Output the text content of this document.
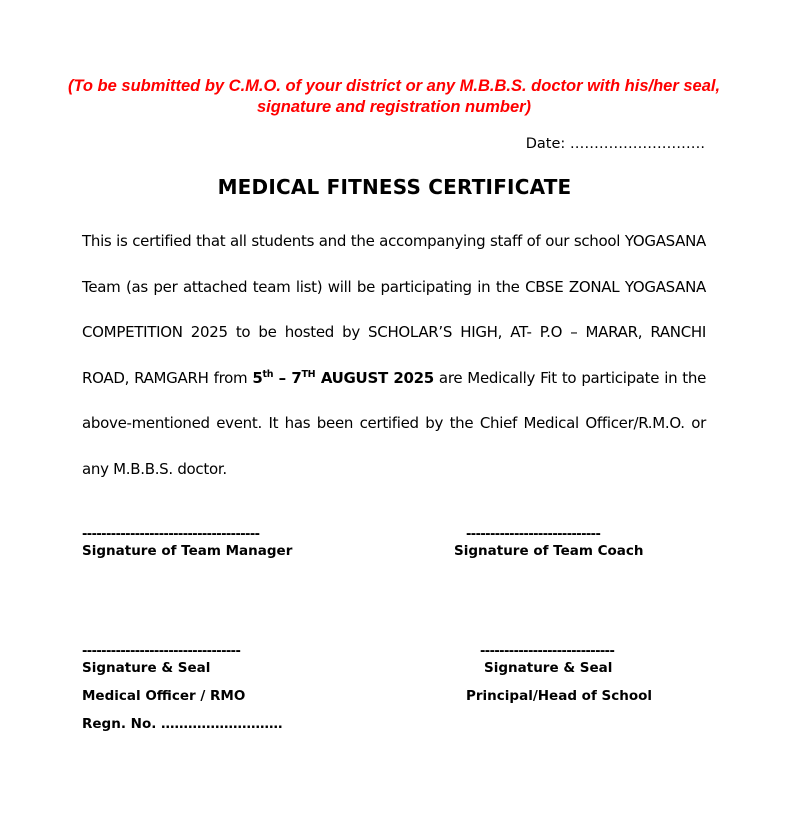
(To be submitted by C.M.O. of your district or any M.B.B.S. doctor with his/her seal,
signature and registration number)
Date: ……………………….
MEDICAL FITNESS CERTIFICATE
This is certified that all students and the accompanying staff of our school YOGASANA Team (as per attached team list) will be participating in the CBSE ZONAL YOGASANA COMPETITION 2025 to be hosted by SCHOLAR’S HIGH, AT- P.O – MARAR, RANCHI ROAD, RAMGARH from 5th – 7TH AUGUST 2025 are Medically Fit to participate in the above-mentioned event. It has been certified by the Chief Medical Officer/R.M.O. or any M.B.B.S. doctor.
-------------------------------------
Signature of Team Manager
----------------------------
Signature of Team Coach
---------------------------------
Signature & Seal
Medical Officer / RMO
Regn. No. ………………………
----------------------------
Signature & Seal
Principal/Head of School
